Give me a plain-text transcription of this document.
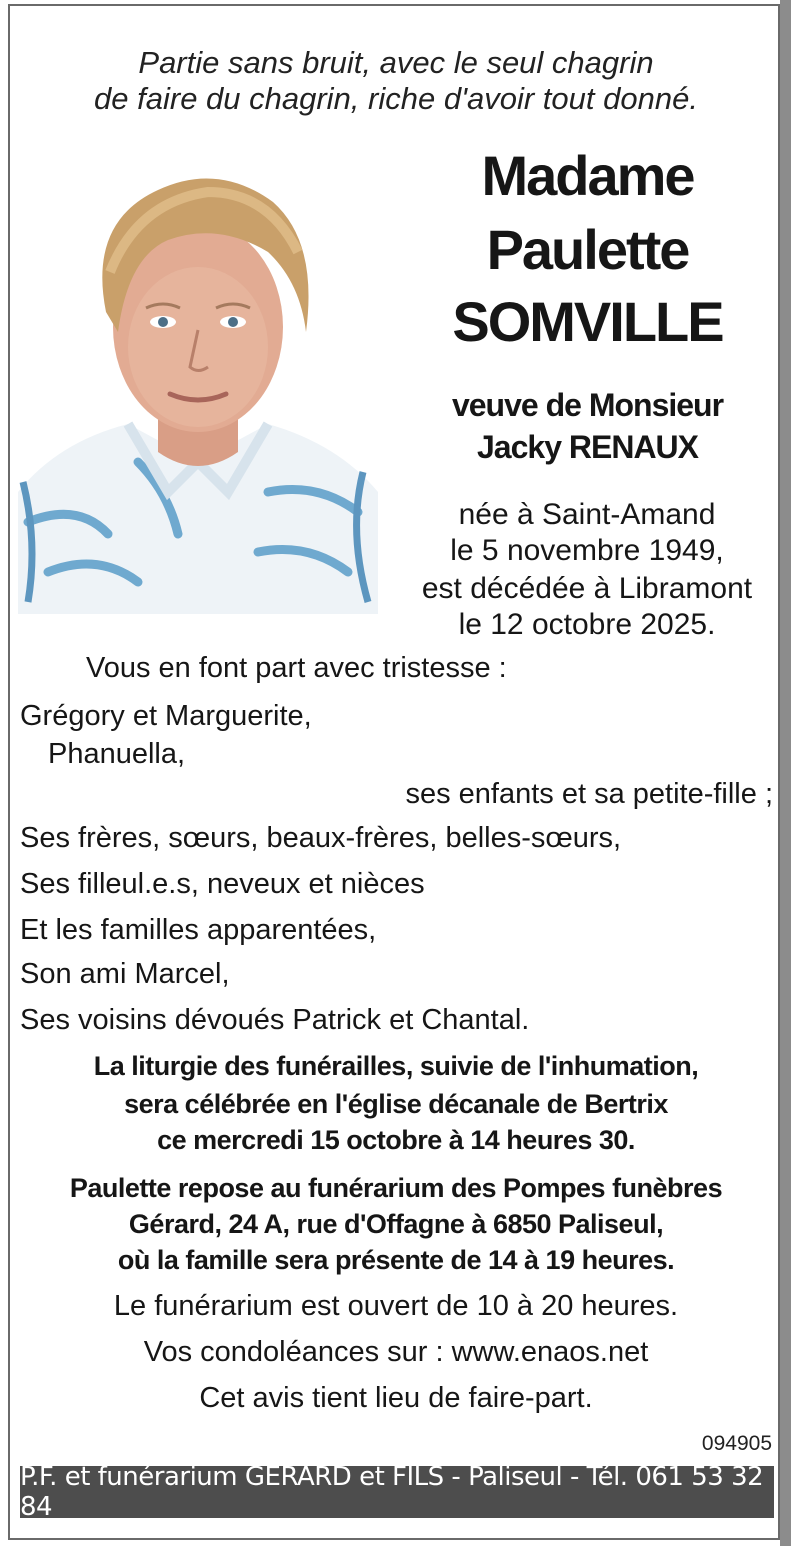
Partie sans bruit, avec le seul chagrin
de faire du chagrin, riche d'avoir tout donné.
Madame
Paulette
SOMVILLE
veuve de Monsieur
Jacky RENAUX
née à Saint-Amand
le 5 novembre 1949,
est décédée à Libramont
le 12 octobre 2025.
Vous en font part avec tristesse :
Grégory et Marguerite,
Phanuella,
ses enfants et sa petite-fille ;
Ses frères, sœurs, beaux-frères, belles-sœurs,
Ses filleul.e.s, neveux et nièces
Et les familles apparentées,
Son ami Marcel,
Ses voisins dévoués Patrick et Chantal.
La liturgie des funérailles, suivie de l'inhumation,
sera célébrée en l'église décanale de Bertrix
ce mercredi 15 octobre à 14 heures 30.
Paulette repose au funérarium des Pompes funèbres
Gérard, 24 A, rue d'Offagne à 6850 Paliseul,
où la famille sera présente de 14 à 19 heures.
Le funérarium est ouvert de 10 à 20 heures.
Vos condoléances sur : www.enaos.net
Cet avis tient lieu de faire-part.
094905
P.F. et funérarium GERARD et FILS - Paliseul - Tél. 061 53 32 84
